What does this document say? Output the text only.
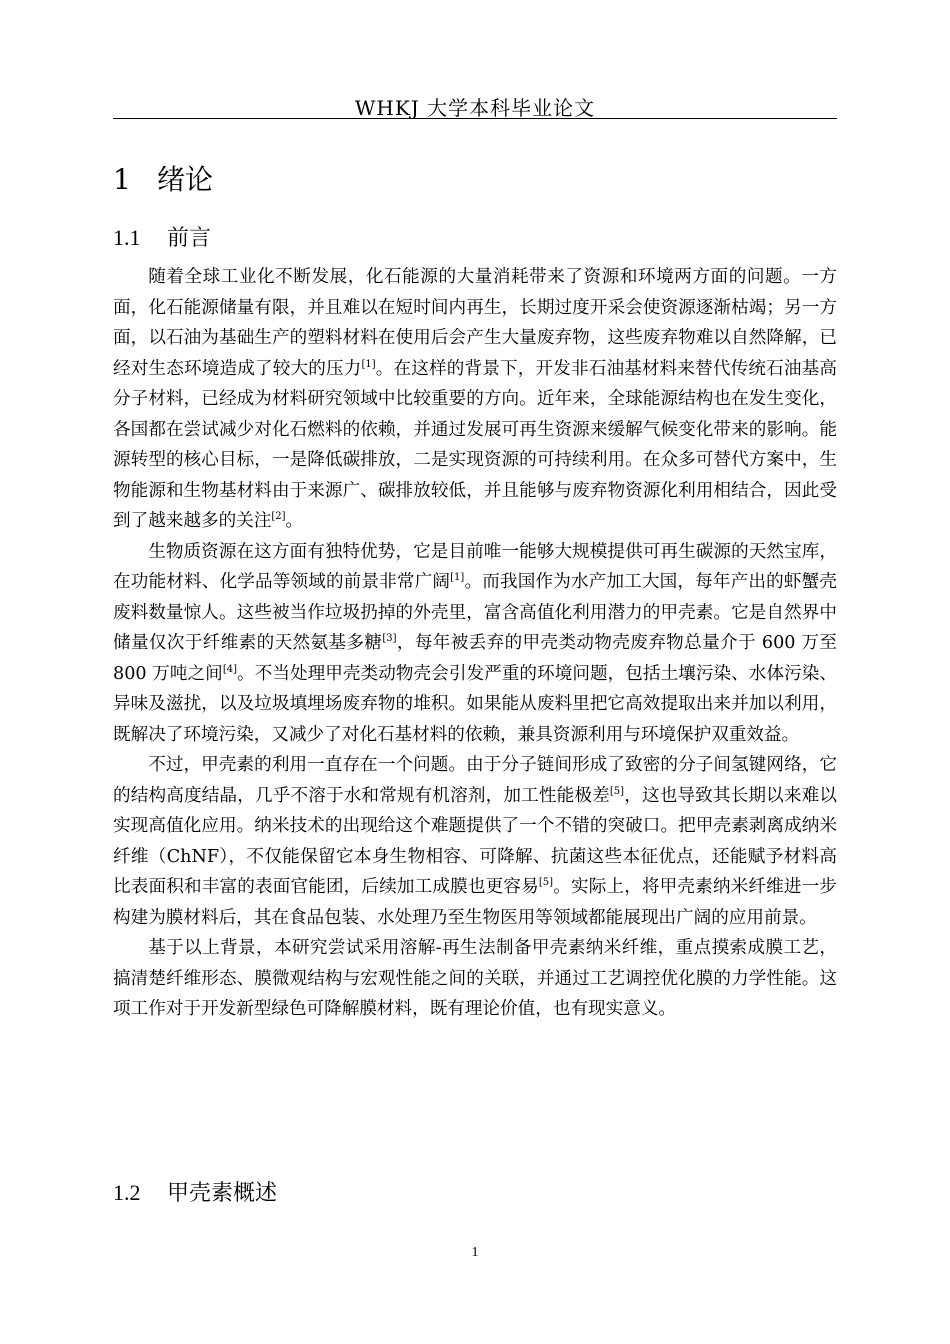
WHKJ 大学本科毕业论文
1 绪论
1.1 前言

随着全球工业化不断发展，化石能源的大量消耗带来了资源和环境两方面的问题。一方面，化石能源储量有限，并且难以在短时间内再生，长期过度开采会使资源逐渐枯竭；另一方面，以石油为基础生产的塑料材料在使用后会产生大量废弃物，这些废弃物难以自然降解，已经对生态环境造成了较大的压力[1]。在这样的背景下，开发非石油基材料来替代传统石油基高分子材料，已经成为材料研究领域中比较重要的方向。近年来，全球能源结构也在发生变化，各国都在尝试减少对化石燃料的依赖，并通过发展可再生资源来缓解气候变化带来的影响。能源转型的核心目标，一是降低碳排放，二是实现资源的可持续利用。在众多可替代方案中，生物能源和生物基材料由于来源广、碳排放较低，并且能够与废弃物资源化利用相结合，因此受到了越来越多的关注[2]。

生物质资源在这方面有独特优势，它是目前唯一能够大规模提供可再生碳源的天然宝库，在功能材料、化学品等领域的前景非常广阔[1]。而我国作为水产加工大国，每年产出的虾蟹壳废料数量惊人。这些被当作垃圾扔掉的外壳里，富含高值化利用潜力的甲壳素。它是自然界中储量仅次于纤维素的天然氨基多糖[3]，每年被丢弃的甲壳类动物壳废弃物总量介于 600 万至 800 万吨之间[4]。不当处理甲壳类动物壳会引发严重的环境问题，包括土壤污染、水体污染、异味及滋扰，以及垃圾填埋场废弃物的堆积。如果能从废料里把它高效提取出来并加以利用，既解决了环境污染，又减少了对化石基材料的依赖，兼具资源利用与环境保护双重效益。

不过，甲壳素的利用一直存在一个问题。由于分子链间形成了致密的分子间氢键网络，它的结构高度结晶，几乎不溶于水和常规有机溶剂，加工性能极差[5]，这也导致其长期以来难以实现高值化应用。纳米技术的出现给这个难题提供了一个不错的突破口。把甲壳素剥离成纳米纤维（ChNF），不仅能保留它本身生物相容、可降解、抗菌这些本征优点，还能赋予材料高比表面积和丰富的表面官能团，后续加工成膜也更容易[5]。实际上，将甲壳素纳米纤维进一步构建为膜材料后，其在食品包装、水处理乃至生物医用等领域都能展现出广阔的应用前景。

基于以上背景，本研究尝试采用溶解-再生法制备甲壳素纳米纤维，重点摸索成膜工艺，搞清楚纤维形态、膜微观结构与宏观性能之间的关联，并通过工艺调控优化膜的力学性能。这项工作对于开发新型绿色可降解膜材料，既有理论价值，也有现实意义。

1.2 甲壳素概述
1
